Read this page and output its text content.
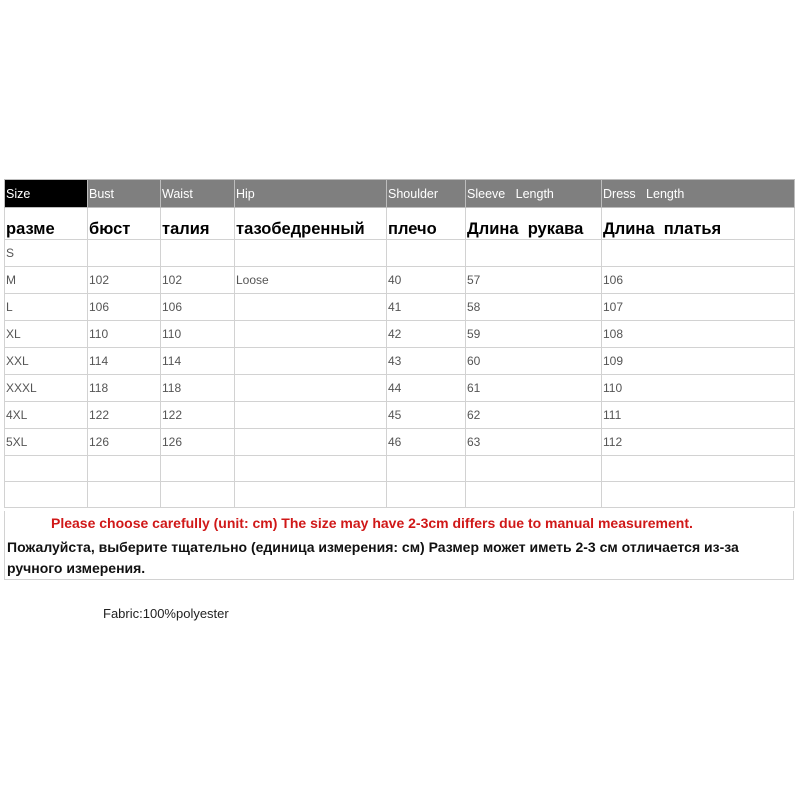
Size	Bust	Waist	Hip	Shoulder	Sleeve   Length	Dress   Length
разме	бюст	талия	тазобедренный	плечо	Длина  рукава	Длина  платья
S						
M	102	102	Loose	40	57	106
L	106	106		41	58	107
XL	110	110		42	59	108
XXL	114	114		43	60	109
XXXL	118	118		44	61	110
4XL	122	122		45	62	111
5XL	126	126		46	63	112

Please choose carefully (unit: cm) The size may have 2-3cm differs due to manual measurement.
Пожалуйста, выберите тщательно (единица измерения: см) Размер может иметь 2-3 см отличается из-за ручного измерения.
Fabric:100%polyester
